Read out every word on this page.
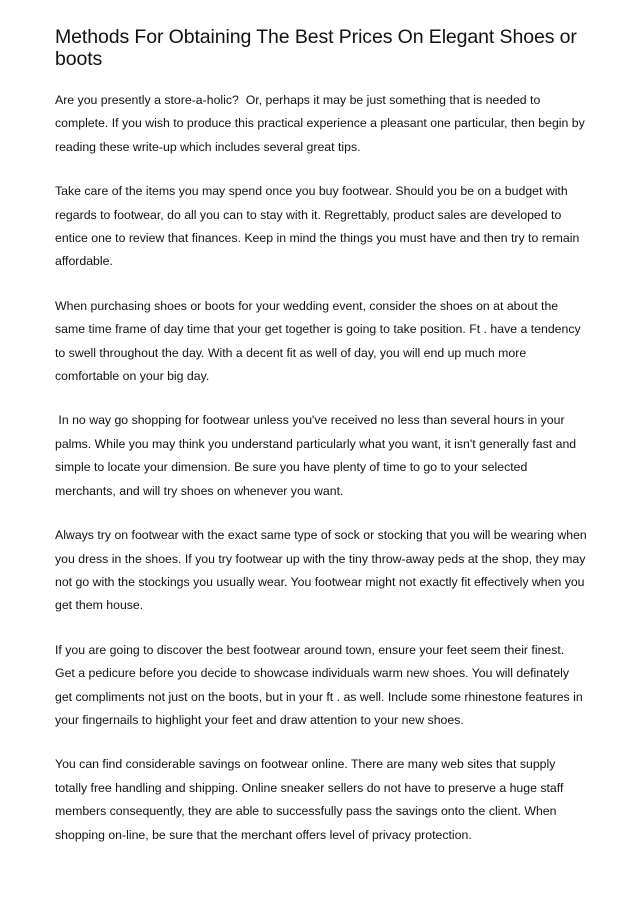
Methods For Obtaining The Best Prices On Elegant Shoes or boots

Are you presently a store-a-holic?  Or, perhaps it may be just something that is needed to complete. If you wish to produce this practical experience a pleasant one particular, then begin by reading these write-up which includes several great tips.

Take care of the items you may spend once you buy footwear. Should you be on a budget with regards to footwear, do all you can to stay with it. Regrettably, product sales are developed to entice one to review that finances. Keep in mind the things you must have and then try to remain affordable.

When purchasing shoes or boots for your wedding event, consider the shoes on at about the same time frame of day time that your get together is going to take position. Ft . have a tendency to swell throughout the day. With a decent fit as well of day, you will end up much more comfortable on your big day.

In no way go shopping for footwear unless you've received no less than several hours in your palms. While you may think you understand particularly what you want, it isn't generally fast and simple to locate your dimension. Be sure you have plenty of time to go to your selected merchants, and will try shoes on whenever you want.

Always try on footwear with the exact same type of sock or stocking that you will be wearing when you dress in the shoes. If you try footwear up with the tiny throw-away peds at the shop, they may not go with the stockings you usually wear. You footwear might not exactly fit effectively when you get them house.

If you are going to discover the best footwear around town, ensure your feet seem their finest. Get a pedicure before you decide to showcase individuals warm new shoes. You will definately get compliments not just on the boots, but in your ft . as well. Include some rhinestone features in your fingernails to highlight your feet and draw attention to your new shoes.

You can find considerable savings on footwear online. There are many web sites that supply totally free handling and shipping. Online sneaker sellers do not have to preserve a huge staff members consequently, they are able to successfully pass the savings onto the client. When shopping on-line, be sure that the merchant offers level of privacy protection.
